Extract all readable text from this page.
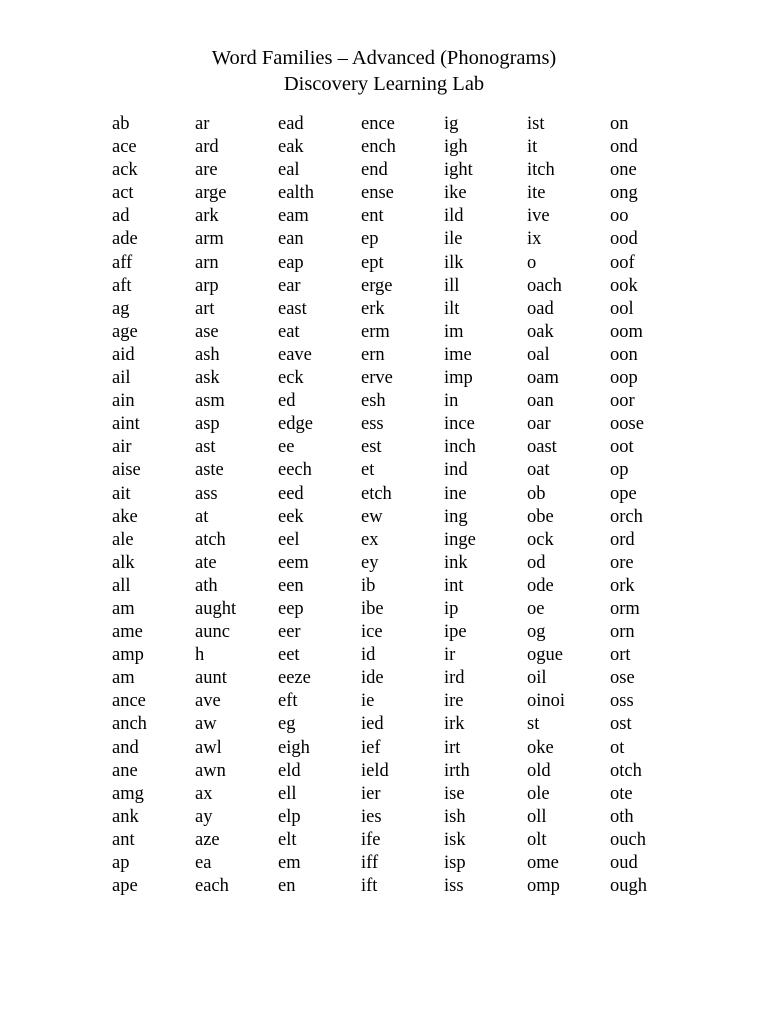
Word Families – Advanced (Phonograms)
Discovery Learning Lab
ab
ace
ack
act
ad
ade
aff
aft
ag
age
aid
ail
ain
aint
air
aise
ait
ake
ale
alk
all
am
ame
amp
am
ance
anch
and
ane
amg
ank
ant
ap
ape
ar
ard
are
arge
ark
arm
arn
arp
art
ase
ash
ask
asm
asp
ast
aste
ass
at
atch
ate
ath
aught
aunc
h
aunt
ave
aw
awl
awn
ax
ay
aze
ea
each
ead
eak
eal
ealth
eam
ean
eap
ear
east
eat
eave
eck
ed
edge
ee
eech
eed
eek
eel
eem
een
eep
eer
eet
eeze
eft
eg
eigh
eld
ell
elp
elt
em
en
ence
ench
end
ense
ent
ep
ept
erge
erk
erm
ern
erve
esh
ess
est
et
etch
ew
ex
ey
ib
ibe
ice
id
ide
ie
ied
ief
ield
ier
ies
ife
iff
ift
ig
igh
ight
ike
ild
ile
ilk
ill
ilt
im
ime
imp
in
ince
inch
ind
ine
ing
inge
ink
int
ip
ipe
ir
ird
ire
irk
irt
irth
ise
ish
isk
isp
iss
ist
it
itch
ite
ive
ix
o
oach
oad
oak
oal
oam
oan
oar
oast
oat
ob
obe
ock
od
ode
oe
og
ogue
oil
oinoi
st
oke
old
ole
oll
olt
ome
omp
on
ond
one
ong
oo
ood
oof
ook
ool
oom
oon
oop
oor
oose
oot
op
ope
orch
ord
ore
ork
orm
orn
ort
ose
oss
ost
ot
otch
ote
oth
ouch
oud
ough
